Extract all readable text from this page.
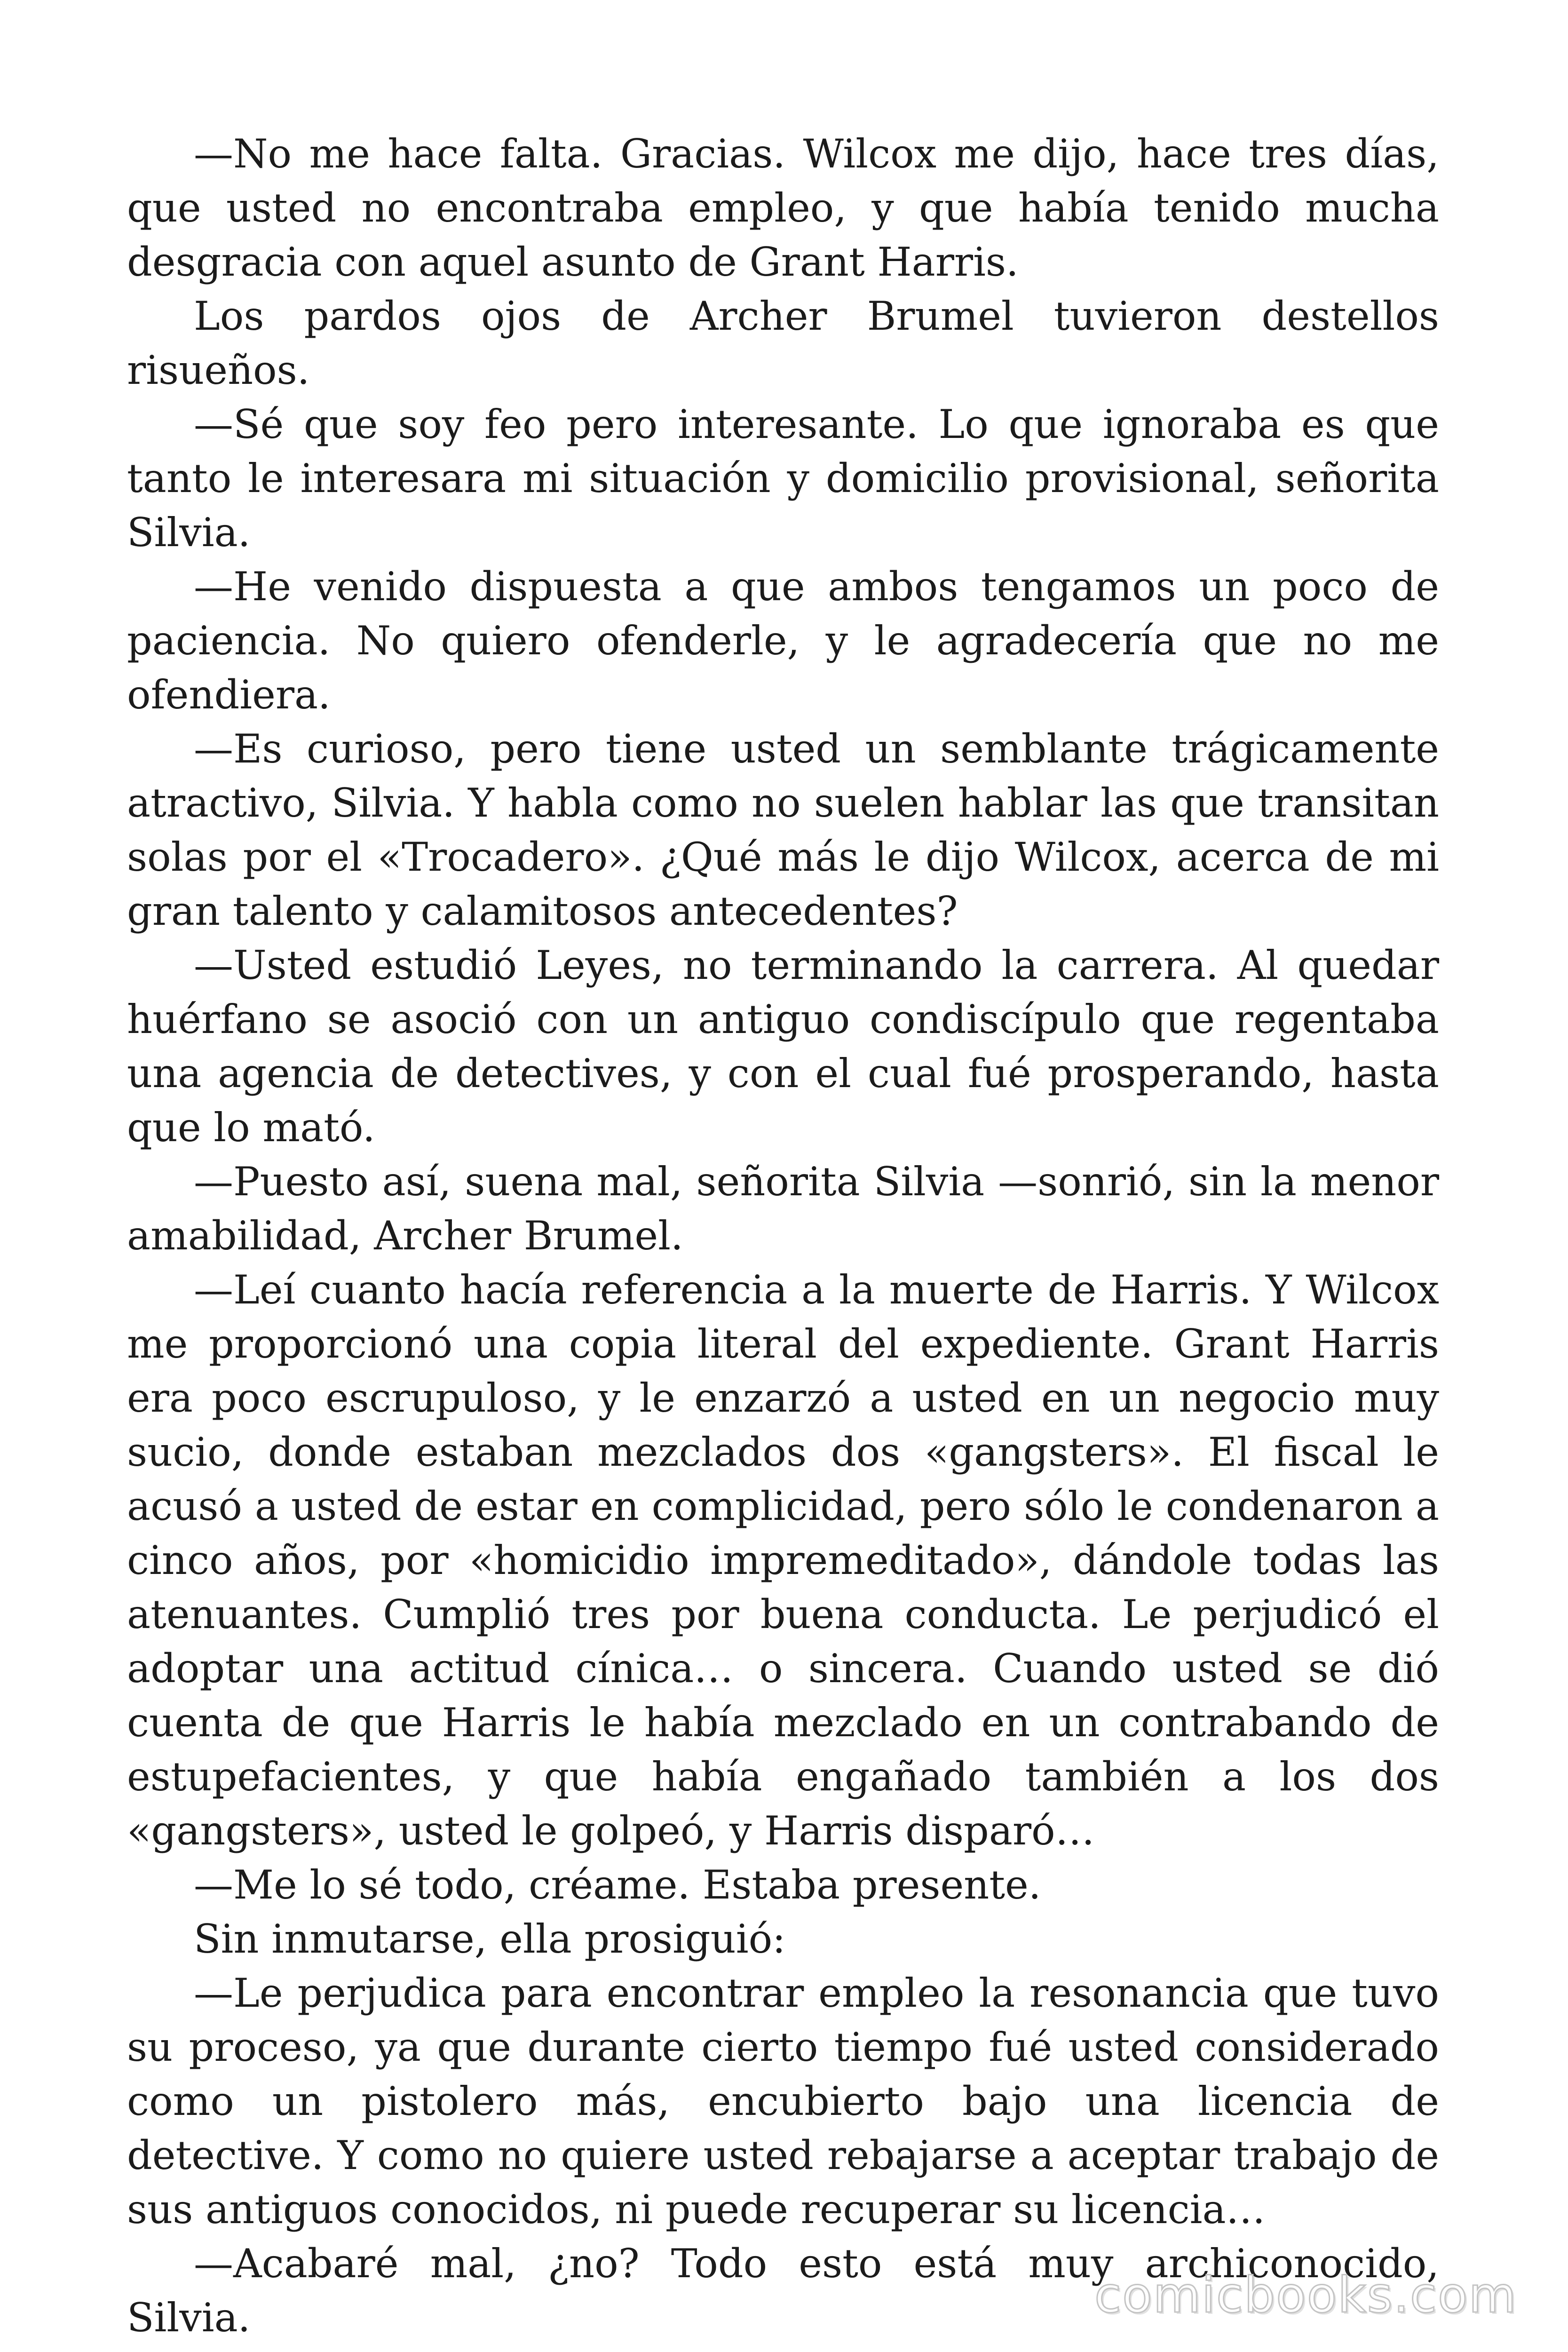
—No me hace falta. Gracias. Wilcox me dijo, hace tres días, que usted no encontraba empleo, y que había tenido mucha desgracia con aquel asunto de Grant Harris.

Los pardos ojos de Archer Brumel tuvieron destellos risueños.

—Sé que soy feo pero interesante. Lo que ignoraba es que tanto le interesara mi situación y domicilio provisional, señorita Silvia.

—He venido dispuesta a que ambos tengamos un poco de paciencia. No quiero ofenderle, y le agradecería que no me ofendiera.

—Es curioso, pero tiene usted un semblante trágicamente atractivo, Silvia. Y habla como no suelen hablar las que transitan solas por el «Trocadero». ¿Qué más le dijo Wilcox, acerca de mi gran talento y calamitosos antecedentes?

—Usted estudió Leyes, no terminando la carrera. Al quedar huérfano se asoció con un antiguo condiscípulo que regentaba una agencia de detectives, y con el cual fué prosperando, hasta que lo mató.

—Puesto así, suena mal, señorita Silvia —sonrió, sin la menor amabilidad, Archer Brumel.

—Leí cuanto hacía referencia a la muerte de Harris. Y Wilcox me proporcionó una copia literal del expediente. Grant Harris era poco escrupuloso, y le enzarzó a usted en un negocio muy sucio, donde estaban mezclados dos «gangsters». El fiscal le acusó a usted de estar en complicidad, pero sólo le condenaron a cinco años, por «homicidio impremeditado», dándole todas las atenuantes. Cumplió tres por buena conducta. Le perjudicó el adoptar una actitud cínica… o sincera. Cuando usted se dió cuenta de que Harris le había mezclado en un contrabando de estupefacientes, y que había engañado también a los dos «gangsters», usted le golpeó, y Harris disparó…

—Me lo sé todo, créame. Estaba presente.

Sin inmutarse, ella prosiguió:

—Le perjudica para encontrar empleo la resonancia que tuvo su proceso, ya que durante cierto tiempo fué usted considerado como un pistolero más, encubierto bajo una licencia de detective. Y como no quiere usted rebajarse a aceptar trabajo de sus antiguos conocidos, ni puede recuperar su licencia…

—Acabaré mal, ¿no? Todo esto está muy archiconocido, Silvia.	comicbooks.com
